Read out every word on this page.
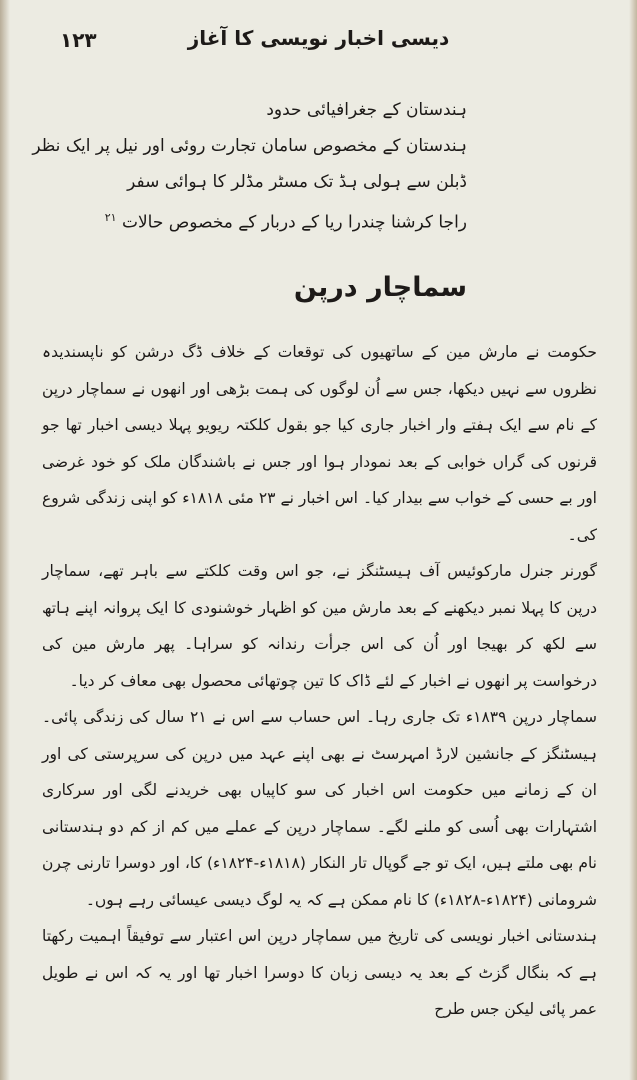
۱۲۳	دیسی اخبار نویسی کا آغاز
ہندستان کے جغرافیائی حدود
ہندستان کے مخصوص سامان تجارت روئی اور نیل پر ایک نظر
ڈبلن سے ہولی ہڈ تک مسٹر مڈلر کا ہوائی سفر
راجا کرشنا چندرا ریا کے دربار کے مخصوص حالات $^{۲۱}$
سماچار درپن

حکومت نے مارش مین کے ساتھیوں کی توقعات کے خلاف ڈگ درشن کو ناپسندیدہ نظروں سے نہیں دیکھا، جس سے اُن لوگوں کی ہمت بڑھی اور انھوں نے سماچار درپن کے نام سے ایک ہفتے وار اخبار جاری کیا جو بقول کلکتہ ریویو پہلا دیسی اخبار تھا جو قرنوں کی گراں خوابی کے بعد نمودار ہوا اور جس نے باشندگان ملک کو خود غرضی اور بے حسی کے خواب سے بیدار کیا۔ اس اخبار نے ۲۳ مئی ۱۸۱۸ء کو اپنی زندگی شروع کی۔

گورنر جنرل مارکوئیس آف ہیسٹنگز نے، جو اس وقت کلکتے سے باہر تھے، سماچار درپن کا پہلا نمبر دیکھنے کے بعد مارش مین کو اظہار خوشنودی کا ایک پروانہ اپنے ہاتھ سے لکھ کر بھیجا اور اُن کی اس جرأت رندانہ کو سراہا۔ پھر مارش مین کی درخواست پر انھوں نے اخبار کے لئے ڈاک کا تین چوتھائی محصول بھی معاف کر دیا۔

سماچار درپن ۱۸۳۹ء تک جاری رہا۔ اس حساب سے اس نے ۲۱ سال کی زندگی پائی۔ ہیسٹنگز کے جانشین لارڈ امہرسٹ نے بھی اپنے عہد میں درپن کی سرپرستی کی اور ان کے زمانے میں حکومت اس اخبار کی سو کاپیاں بھی خریدنے لگی اور سرکاری اشتہارات بھی اُسی کو ملنے لگے۔ سماچار درپن کے عملے میں کم از کم دو ہندستانی نام بھی ملتے ہیں، ایک تو جے گوپال تار النکار (۱۸۱۸ء-۱۸۲۴ء) کا، اور دوسرا تارنی چرن شرومانی (۱۸۲۴ء-۱۸۲۸ء) کا نام ممکن ہے کہ یہ لوگ دیسی عیسائی رہے ہوں۔

ہندستانی اخبار نویسی کی تاریخ میں سماچار درپن اس اعتبار سے توفیقاً اہمیت رکھتا ہے کہ بنگال گزٹ کے بعد یہ دیسی زبان کا دوسرا اخبار تھا اور یہ کہ اس نے طویل عمر پائی لیکن جس طرح
